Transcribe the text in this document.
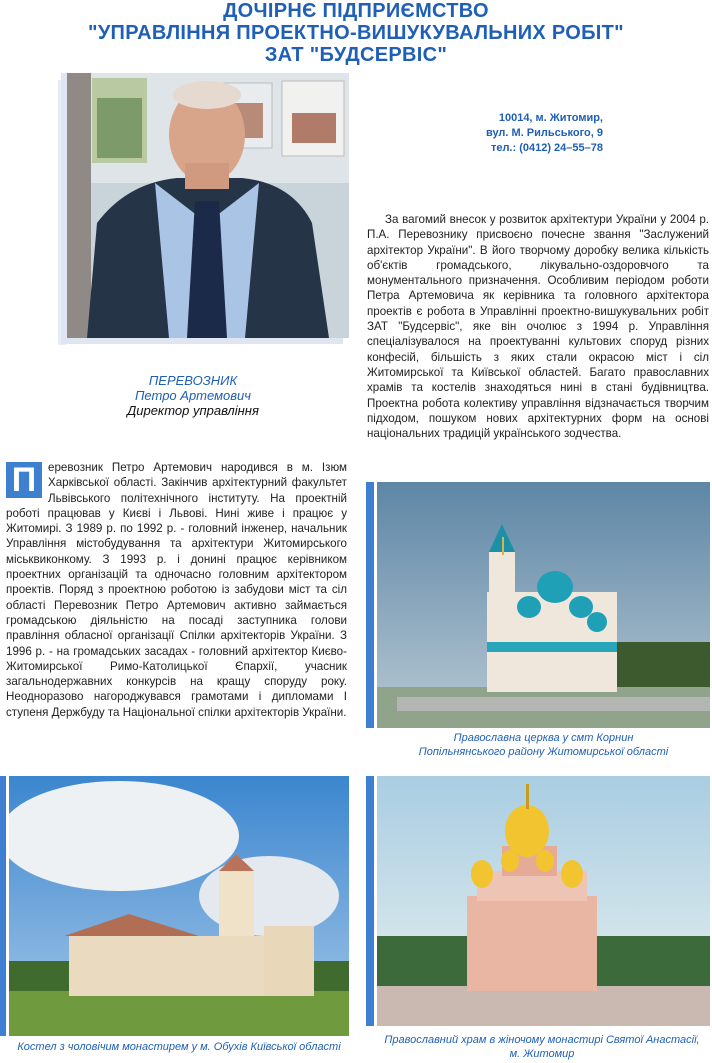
ДОЧІРНЄ ПІДПРИЄМСТВО
"УПРАВЛІННЯ ПРОЕКТНО-ВИШУКУВАЛЬНИХ РОБІТ"
ЗАТ "БУДСЕРВІС"
10014, м. Житомир,
вул. М. Рильського, 9
тел.: (0412) 24–55–78
ПЕРЕВОЗНИК
Петро Артемович
Директор управління
За вагомий внесок у розвиток архітектури України у 2004 р. П.А. Перевознику присвоєно почесне звання "Заслужений архітектор України". В його творчому доробку велика кількість об'єктів громадського, лікувально-оздоровчого та монументального призначення. Особливим періодом роботи Петра Артемовича як керівника та головного архітектора проектів є робота в Управлінні проектно-вишукувальних робіт ЗАТ "Будсервіс", яке він очолює з 1994 р. Управління спеціалізувалося на проектуванні культових споруд різних конфесій, більшість з яких стали окрасою міст і сіл Житомирської та Київської областей. Багато православних храмів та костелів знаходяться нині в стані будівництва. Проектна робота колективу управління відзначається творчим підходом, пошуком нових архітектурних форм на основі національних традицій українського зодчества.
П	еревозник Петро Артемович народився в м. Ізюм Харківської області. Закінчив архітектурний факультет Львівського політехнічного інституту. На проектній роботі працював у Києві і Львові. Нині живе і працює у Житомирі. З 1989 р. по 1992 р. - головний інженер, начальник Управління містобудування та архітектури Житомирського міськвиконкому. З 1993 р. і донині працює керівником проектних організацій та одночасно головним архітектором проектів. Поряд з проектною роботою із забудови міст та сіл області Перевозник Петро Артемович активно займається громадською діяльністю на посаді заступника голови правління обласної організації Спілки архітекторів України. З 1996 р. - на громадських засадах - головний архітектор Києво-Житомирської Римо-Католицької Єпархії, учасник загальнодержавних конкурсів на кращу споруду року. Неодноразово нагороджувався грамотами і дипломами І ступеня Держбуду та Національної спілки архітекторів України.
Православна церква у смт Корнин
Попільнянського району Житомирської області
Костел з чоловічим монастирем у м. Обухів Київської області
Православний храм в жіночому монастирі Святої Анастасії,
м. Житомир
